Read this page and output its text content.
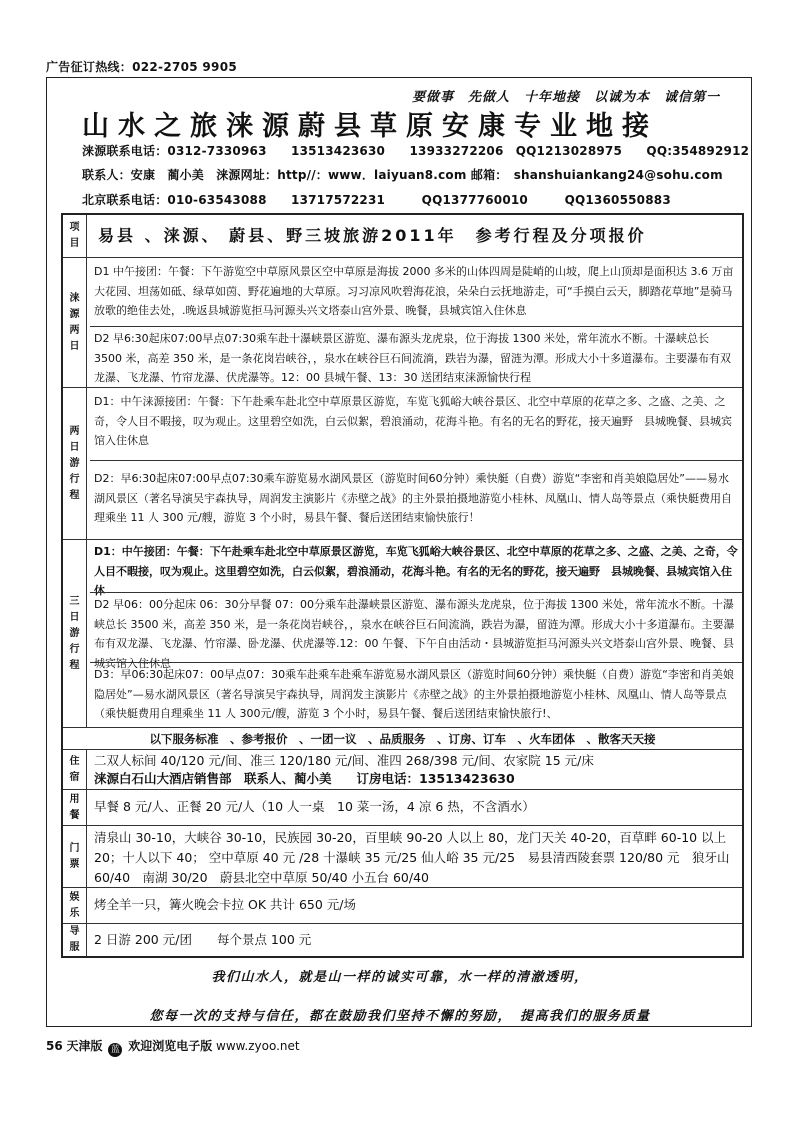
广告征订热线：022-2705 9905
要做事　先做人　十年地接　以诚为本　诚信第一
山水之旅涞源蔚县草原安康专业地接
涞源联系电话：0312-7330963　　13513423630　　13933272206　QQ1213028975　　QQ:354892912
联系人：安康　蔺小美　涞源网址：http//：www．laiyuan8.com 邮箱：　shanshuiankang24@sohu.com
北京联系电话：010-63543088　　13717572231　　　QQ1377760010　　　QQ1360550883
项
目	易县 、涞源、 蔚县、野三坡旅游2011年　参考行程及分项报价
涞
源
两
日
D1 中午接团：午餐：下午游览空中草原风景区空中草原是海拔 2000 多米的山体四周是陡峭的山坡，爬上山顶却是面积达 3.6 万亩大花园、坦荡如砥、绿草如茵、野花遍地的大草原。习习凉风吹碧海花浪，朵朵白云抚地游走，可“手摸白云天，脚踏花草地”是骑马放歌的绝佳去处，.晚返县城游览拒马河源头兴文塔泰山宫外景、晚餐，县城宾馆入住休息
D2 早6:30起床07:00早点07:30乘车赴十瀑峡景区游览、瀑布源头龙虎泉，位于海拔 1300 米处，常年流水不断。十瀑峡总长 3500 米，高差 350 米，是一条花岗岩峡谷，，泉水在峡谷巨石间流淌，跌岩为瀑，留涟为潭。形成大小十多道瀑布。主要瀑布有双龙瀑、飞龙瀑、竹帘龙瀑、伏虎瀑等。12：00 县城午餐、13：30 送团结束涞源愉快行程
两
日
游
行
程
D1：中午涞源接团：午餐：下午赴乘车赴北空中草原景区游览，车览飞狐峪大峡谷景区、北空中草原的花草之多、之盛、之美、之奇，令人目不暇接，叹为观止。这里碧空如洗，白云似絮，碧浪涌动，花海斗艳。有名的无名的野花，接天遍野　县城晚餐、县城宾馆入住休息
D2：早6:30起床07:00早点07:30乘车游览易水湖风景区（游览时间60分钟）乘快艇（自费）游览“李密和肖美娘隐居处”——易水湖风景区（著名导演吴宇森执导，周润发主演影片《赤壁之战》的主外景拍摄地游览小桂林、凤凰山、情人岛等景点（乘快艇费用自理乘坐 11 人 300 元/艘，游览 3 个小时，易县午餐、餐后送团结束愉快旅行！
三
日
游
行
程
D1：中午接团：午餐：下午赴乘车赴北空中草原景区游览，车览飞狐峪大峡谷景区、北空中草原的花草之多、之盛、之美、之奇，令人目不暇接，叹为观止。这里碧空如洗，白云似絮，碧浪涌动，花海斗艳。有名的无名的野花，接天遍野　县城晚餐、县城宾馆入住休
D2 早06：00分起床 06：30分早餐 07：00分乘车赴瀑峡景区游览、瀑布源头龙虎泉，位于海拔 1300 米处，常年流水不断。十瀑峡总长 3500 米，高差 350 米，是一条花岗岩峡谷，，泉水在峡谷巨石间流淌，跌岩为瀑，留涟为潭。形成大小十多道瀑布。主要瀑布有双龙瀑、飞龙瀑、竹帘瀑、卧龙瀑、伏虎瀑等.12：00 午餐、下午自由活动・县城游览拒马河源头兴文塔泰山宫外景、晚餐、县城宾馆入住休息
D3：早06:30起床07：00早点07：30乘车赴乘车赴乘车游览易水湖风景区（游览时间60分钟）乘快艇（自费）游览“李密和肖美娘隐居处”—易水湖风景区（著名导演吴宇森执导，周润发主演影片《赤壁之战》的主外景拍摄地游览小桂林、凤凰山、情人岛等景点（乘快艇费用自理乘坐 11 人 300元/艘，游览 3 个小时，易县午餐、餐后送团结束愉快旅行!、
以下服务标准　、参考报价　、一团一议　、品质服务　、订房、订车　、火车团体　、散客天天接
住
宿
二双人标间 40/120 元/间、准三 120/180 元/间、准四 268/398 元/间、农家院 15 元/床
涞源白石山大酒店销售部　联系人、蔺小美　　订房电话：13513423630
用
餐
早餐 8 元/人、正餐 20 元/人（10 人一桌　10 菜一汤，4 凉 6 热，不含酒水）
门
票
清泉山 30-10，大峡谷 30-10，民族园 30-20，百里峡 90-20 人以上 80，龙门天关 40-20，百草畔 60-10 以上 20；十人以下 40； 空中草原 40 元 /28 十瀑峡 35 元/25 仙人峪 35 元/25　易县清西陵套票 120/80 元　狼牙山 60/40　南湖 30/20　蔚县北空中草原 50/40 小五台 60/40
娱
乐
烤全羊一只，篝火晚会卡拉 OK 共计 650 元/场
导
服
2 日游 200 元/团　　每个景点 100 元
我们山水人，就是山一样的诚实可靠，水一样的清澈透明，
您每一次的支持与信任，都在鼓励我们坚持不懈的努励，　提高我们的服务质量
56 天津版 蓝 欢迎浏览电子版 www.zyoo.net
